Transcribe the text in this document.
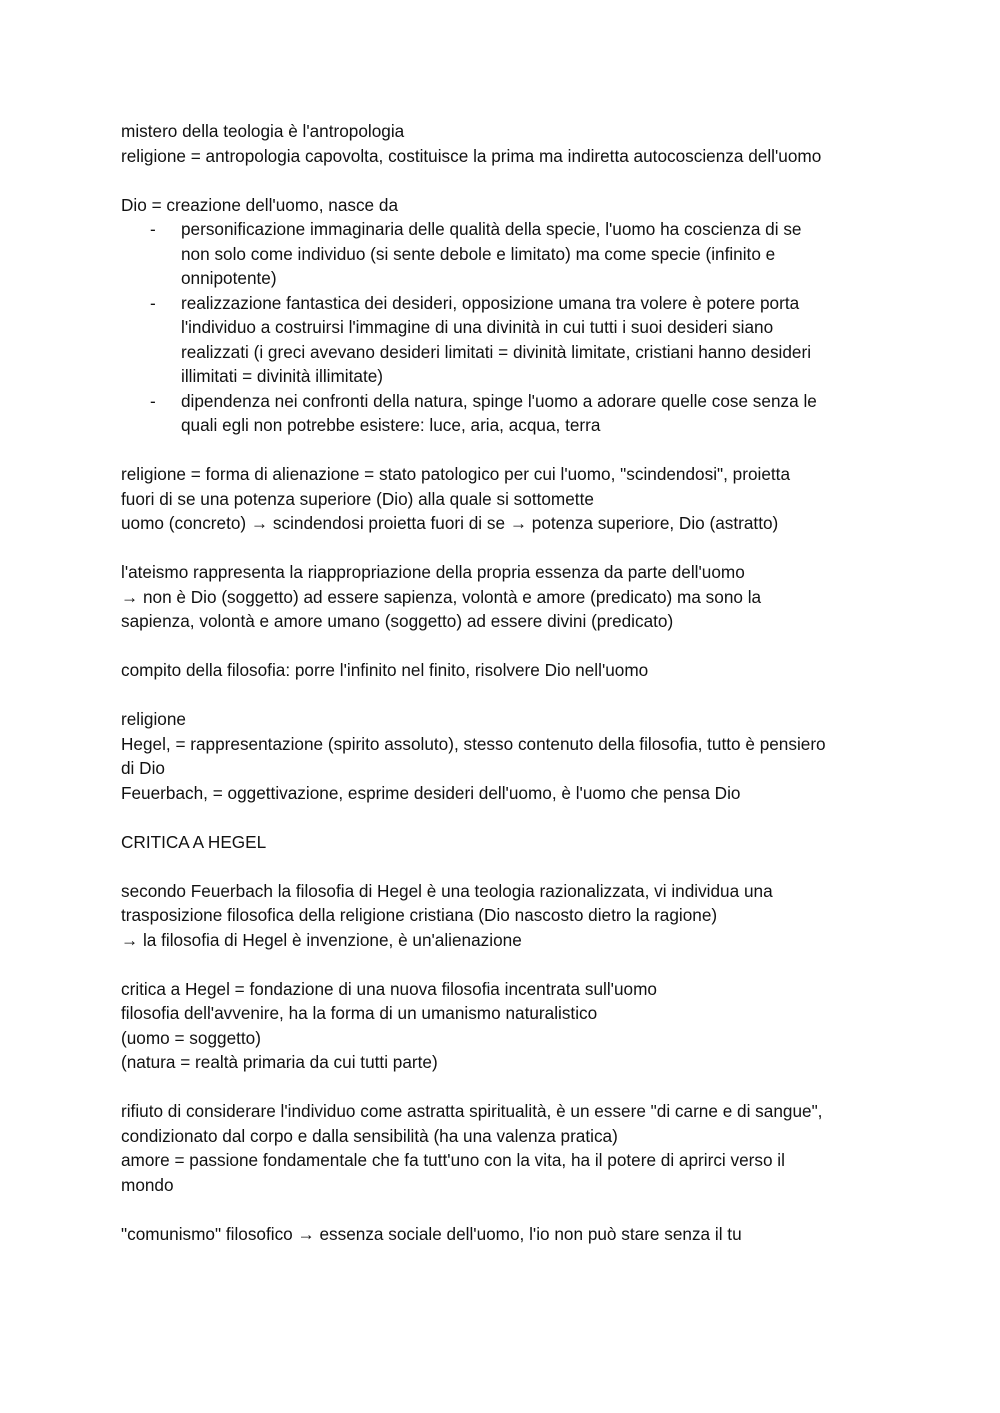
mistero della teologia è l'antropologia
religione = antropologia capovolta, costituisce la prima ma indiretta autocoscienza dell'uomo
Dio = creazione dell'uomo, nasce da
- personificazione immaginaria delle qualità della specie, l'uomo ha coscienza di se
non solo come individuo (si sente debole e limitato) ma come specie (infinito e
onnipotente)
- realizzazione fantastica dei desideri, opposizione umana tra volere è potere porta
l'individuo a costruirsi l'immagine di una divinità in cui tutti i suoi desideri siano
realizzati (i greci avevano desideri limitati = divinità limitate, cristiani hanno desideri
illimitati = divinità illimitate)
- dipendenza nei confronti della natura, spinge l'uomo a adorare quelle cose senza le
quali egli non potrebbe esistere: luce, aria, acqua, terra
religione = forma di alienazione = stato patologico per cui l'uomo, "scindendosi", proietta
fuori di se una potenza superiore (Dio) alla quale si sottomette
uomo (concreto) → scindendosi proietta fuori di se → potenza superiore, Dio (astratto)
l'ateismo rappresenta la riappropriazione della propria essenza da parte dell'uomo
→ non è Dio (soggetto) ad essere sapienza, volontà e amore (predicato) ma sono la
sapienza, volontà e amore umano (soggetto) ad essere divini (predicato)
compito della filosofia: porre l'infinito nel finito, risolvere Dio nell'uomo
religione
Hegel, = rappresentazione (spirito assoluto), stesso contenuto della filosofia, tutto è pensiero
di Dio
Feuerbach, = oggettivazione, esprime desideri dell'uomo, è l'uomo che pensa Dio
CRITICA A HEGEL
secondo Feuerbach la filosofia di Hegel è una teologia razionalizzata, vi individua una
trasposizione filosofica della religione cristiana (Dio nascosto dietro la ragione)
→ la filosofia di Hegel è invenzione, è un'alienazione
critica a Hegel = fondazione di una nuova filosofia incentrata sull'uomo
filosofia dell'avvenire, ha la forma di un umanismo naturalistico
(uomo = soggetto)
(natura = realtà primaria da cui tutti parte)
rifiuto di considerare l'individuo come astratta spiritualità, è un essere "di carne e di sangue",
condizionato dal corpo e dalla sensibilità (ha una valenza pratica)
amore = passione fondamentale che fa tutt'uno con la vita, ha il potere di aprirci verso il
mondo
"comunismo" filosofico → essenza sociale dell'uomo, l'io non può stare senza il tu
